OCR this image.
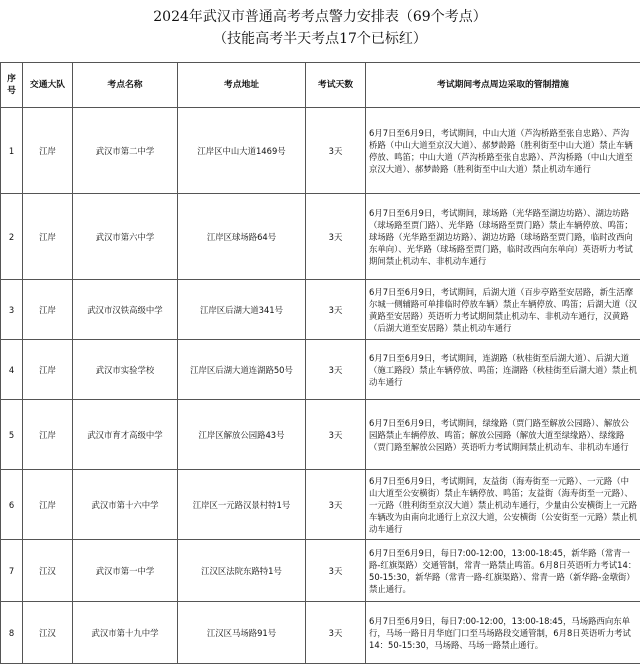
2024年武汉市普通高考考点警力安排表（69个考点）
（技能高考半天考点17个已标红）
序号	交通大队	考点名称	考点地址	考试天数	考试期间考点周边采取的管制措施
1	江岸	武汉市第二中学	江岸区中山大道1469号	3天	6月7日至6月9日，考试期间，中山大道（芦沟桥路至张自忠路）、芦沟桥路（中山大道至京汉大道）、郝梦龄路（胜利街至中山大道）禁止车辆停放、鸣笛；中山大道（芦沟桥路至张自忠路）、芦沟桥路（中山大道至京汉大道）、郝梦龄路（胜利街至中山大道）禁止机动车通行

2	江岸	武汉市第六中学	江岸区球场路64号	3天	6月7日至6月9日，考试期间，球场路（光华路至湖边坊路）、湖边坊路（球场路至贾门路）、光华路（球场路至贾门路）禁止车辆停放、鸣笛；球场路（光华路至湖边坊路）、湖边坊路（球场路至贾门路，临时改西向东单向）、光华路（球场路至贾门路，临时改西向东单向）英语听力考试期间禁止机动车、非机动车通行

3	江岸	武汉市汉铁高级中学	江岸区后湖大道341号	3天	6月7日至6月9日，考试期间，后湖大道（百步亭路至安居路，新生活摩尔城一侧辅路可单排临时停放车辆）禁止车辆停放、鸣笛；后湖大道（汉黄路至安居路）英语听力考试期间禁止机动车、非机动车通行，汉黄路（后湖大道至安居路）禁止机动车通行

4	江岸	武汉市实验学校	江岸区后湖大道连湖路50号	3天	6月7日至6月9日，考试期间，连湖路（秋桂街至后湖大道）、后湖大道（施工路段）禁止车辆停放、鸣笛；连湖路（秋桂街至后湖大道）禁止机动车通行

5	江岸	武汉市育才高级中学	江岸区解放公园路43号	3天	6月7日至6月9日，考试期间，绿缘路（贾门路至解放公园路）、解放公园路禁止车辆停放、鸣笛；解放公园路（解放大道至绿缘路）、绿缘路（贾门路至解放公园路）英语听力考试期间禁止机动车、非机动车通行

6	江岸	武汉市第十六中学	江岸区一元路汉景村特1号	3天	6月7日至6月9日，考试期间，友益街（海寿街至一元路）、一元路（中山大道至公安横街）禁止车辆停放、鸣笛；友益街（海寿街至一元路）、一元路（胜利街至京汉大道）禁止机动车通行，少量由公安横街上一元路车辆改为由南向北通行上京汉大道，公安横街（公安街至一元路）禁止机动车通行

7	江汉	武汉市第一中学	江汉区法院东路特1号	3天	6月7日至6月9日，每日7:00-12:00，13:00-18:45，新华路（常青一路-红旗渠路）交通管制，常青一路禁止鸣笛。6月8日英语听力考试14：50-15:30，新华路（常青一路-红旗渠路）、常青一路（新华路-金墩街）禁止通行。

8	江汉	武汉市第十九中学	江汉区马场路91号	3天	6月7日至6月9日，每日7:00-12:00，13:00-18:45，马场路西向东单行，马场一路日月华庭门口至马场路段交通管制，6月8日英语听力考试14：50-15:30，马场路、马场一路禁止通行。
